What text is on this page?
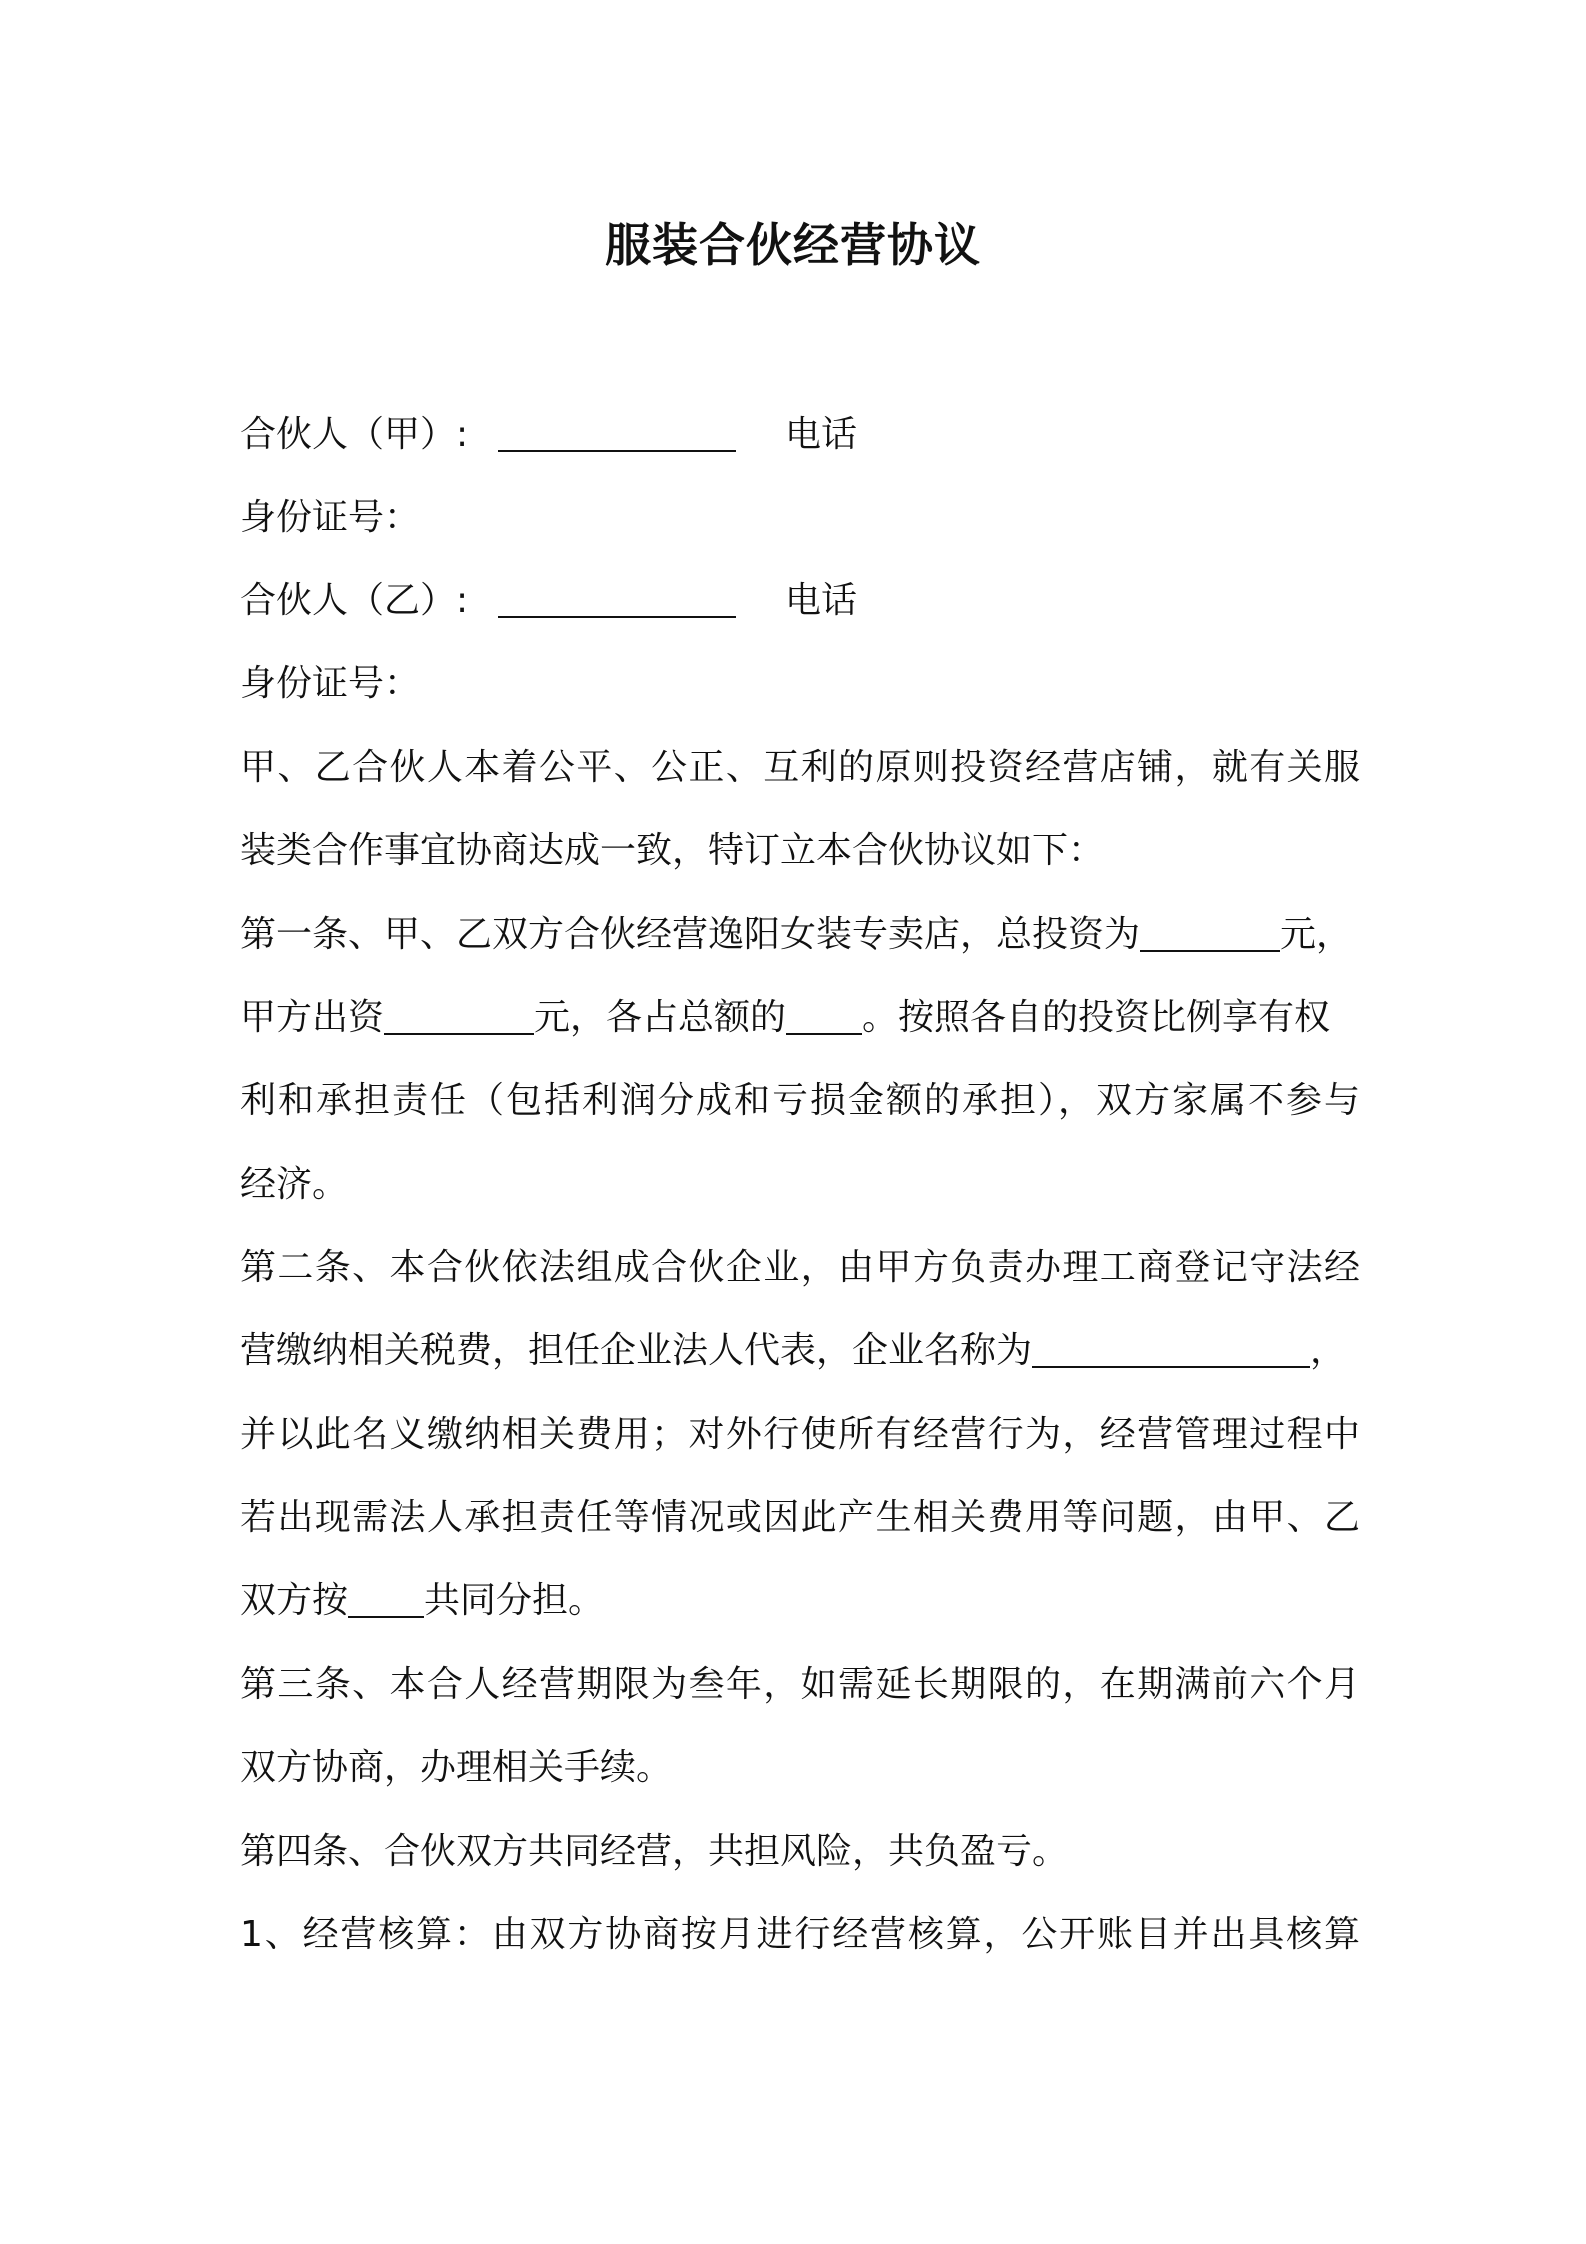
服装合伙经营协议
合伙人（甲）:	电话
身份证号：
合伙人（乙）:	电话
身份证号：
甲、乙合伙人本着公平、公正、互利的原则投资经营店铺，就有关服
装类合作事宜协商达成一致，特订立本合伙协议如下：
第一条、甲、乙双方合伙经营逸阳女装专卖店，总投资为	元，
甲方出资	元，各占总额的 。按照各自的投资比例享有权
利和承担责任（包括利润分成和亏损金额的承担），双方家属不参与
经济。
第二条、本合伙依法组成合伙企业，由甲方负责办理工商登记守法经
营缴纳相关税费，担任企业法人代表，企业名称为	，
并以此名义缴纳相关费用；对外行使所有经营行为，经营管理过程中
若出现需法人承担责任等情况或因此产生相关费用等问题，由甲、乙
双方按 共同分担。
第三条、本合人经营期限为叁年，如需延长期限的，在期满前六个月
双方协商，办理相关手续。
第四条、合伙双方共同经营，共担风险，共负盈亏。
1、经营核算：由双方协商按月进行经营核算，公开账目并出具核算
